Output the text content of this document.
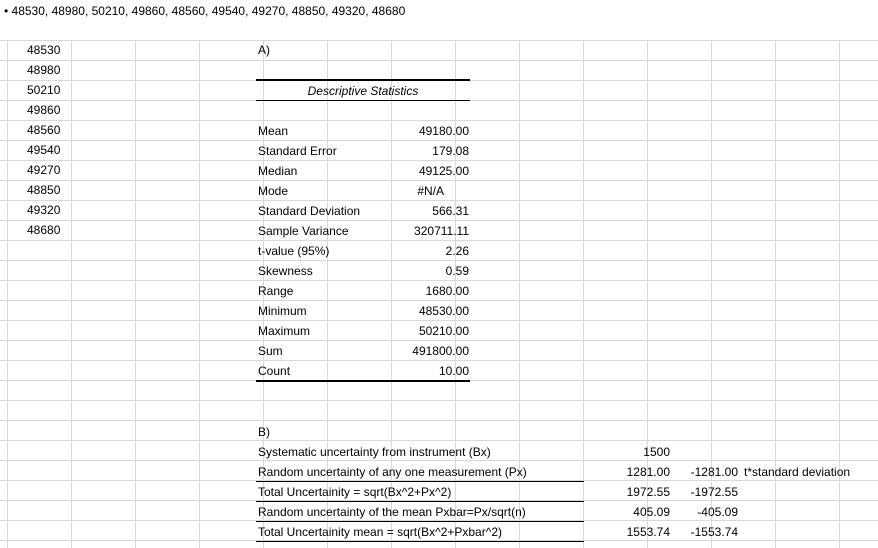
• 48530, 48980, 50210, 49860, 48560, 49540, 49270, 48850, 49320, 48680
48530
48980
50210
49860
48560
49540
49270
48850
49320
48680
A)
Descriptive Statistics
Mean	49180.00
Standard Error	179.08
Median	49125.00
Mode	#N/A
Standard Deviation	566.31
Sample Variance	320711.11
t-value (95%)	2.26
Skewness	0.59
Range	1680.00
Minimum	48530.00
Maximum	50210.00
Sum	491800.00
Count	10.00
B)
Systematic uncertainty from instrument (Bx)	1500
Random uncertainty of any one measurement (Px)	1281.00	-1281.00 t*standard deviation
Total Uncertainity = sqrt(Bx^2+Px^2)	1972.55	-1972.55
Random uncertainty of the mean Pxbar=Px/sqrt(n)	405.09	-405.09
Total Uncertainity mean = sqrt(Bx^2+Pxbar^2)	1553.74	-1553.74
